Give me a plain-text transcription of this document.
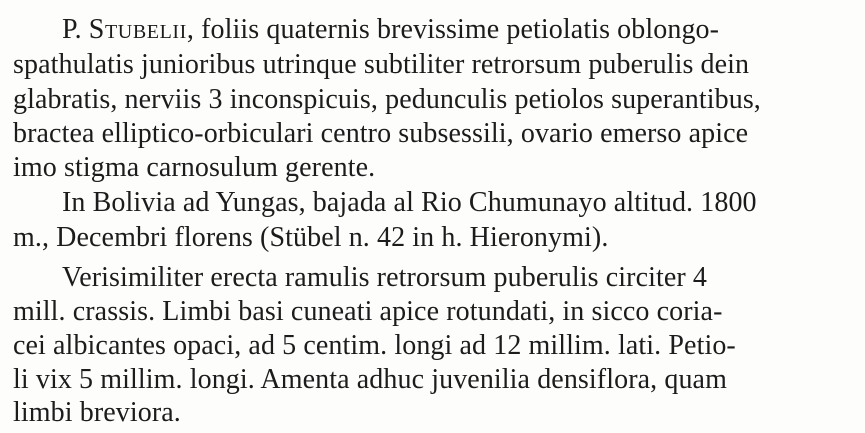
P. Stubelii, foliis quaternis brevissime petiolatis oblongo-
spathulatis junioribus utrinque subtiliter retrorsum puberulis dein
glabratis, nerviis 3 inconspicuis, pedunculis petiolos superantibus,
bractea elliptico-orbiculari centro subsessili, ovario emerso apice
imo stigma carnosulum gerente.
In Bolivia ad Yungas, bajada al Rio Chumunayo altitud. 1800
m., Decembri florens (Stübel n. 42 in h. Hieronymi).
Verisimiliter erecta ramulis retrorsum puberulis circiter 4
mill. crassis. Limbi basi cuneati apice rotundati, in sicco coria-
cei albicantes opaci, ad 5 centim. longi ad 12 millim. lati. Petio-
li vix 5 millim. longi. Amenta adhuc juvenilia densiflora, quam
limbi breviora.
